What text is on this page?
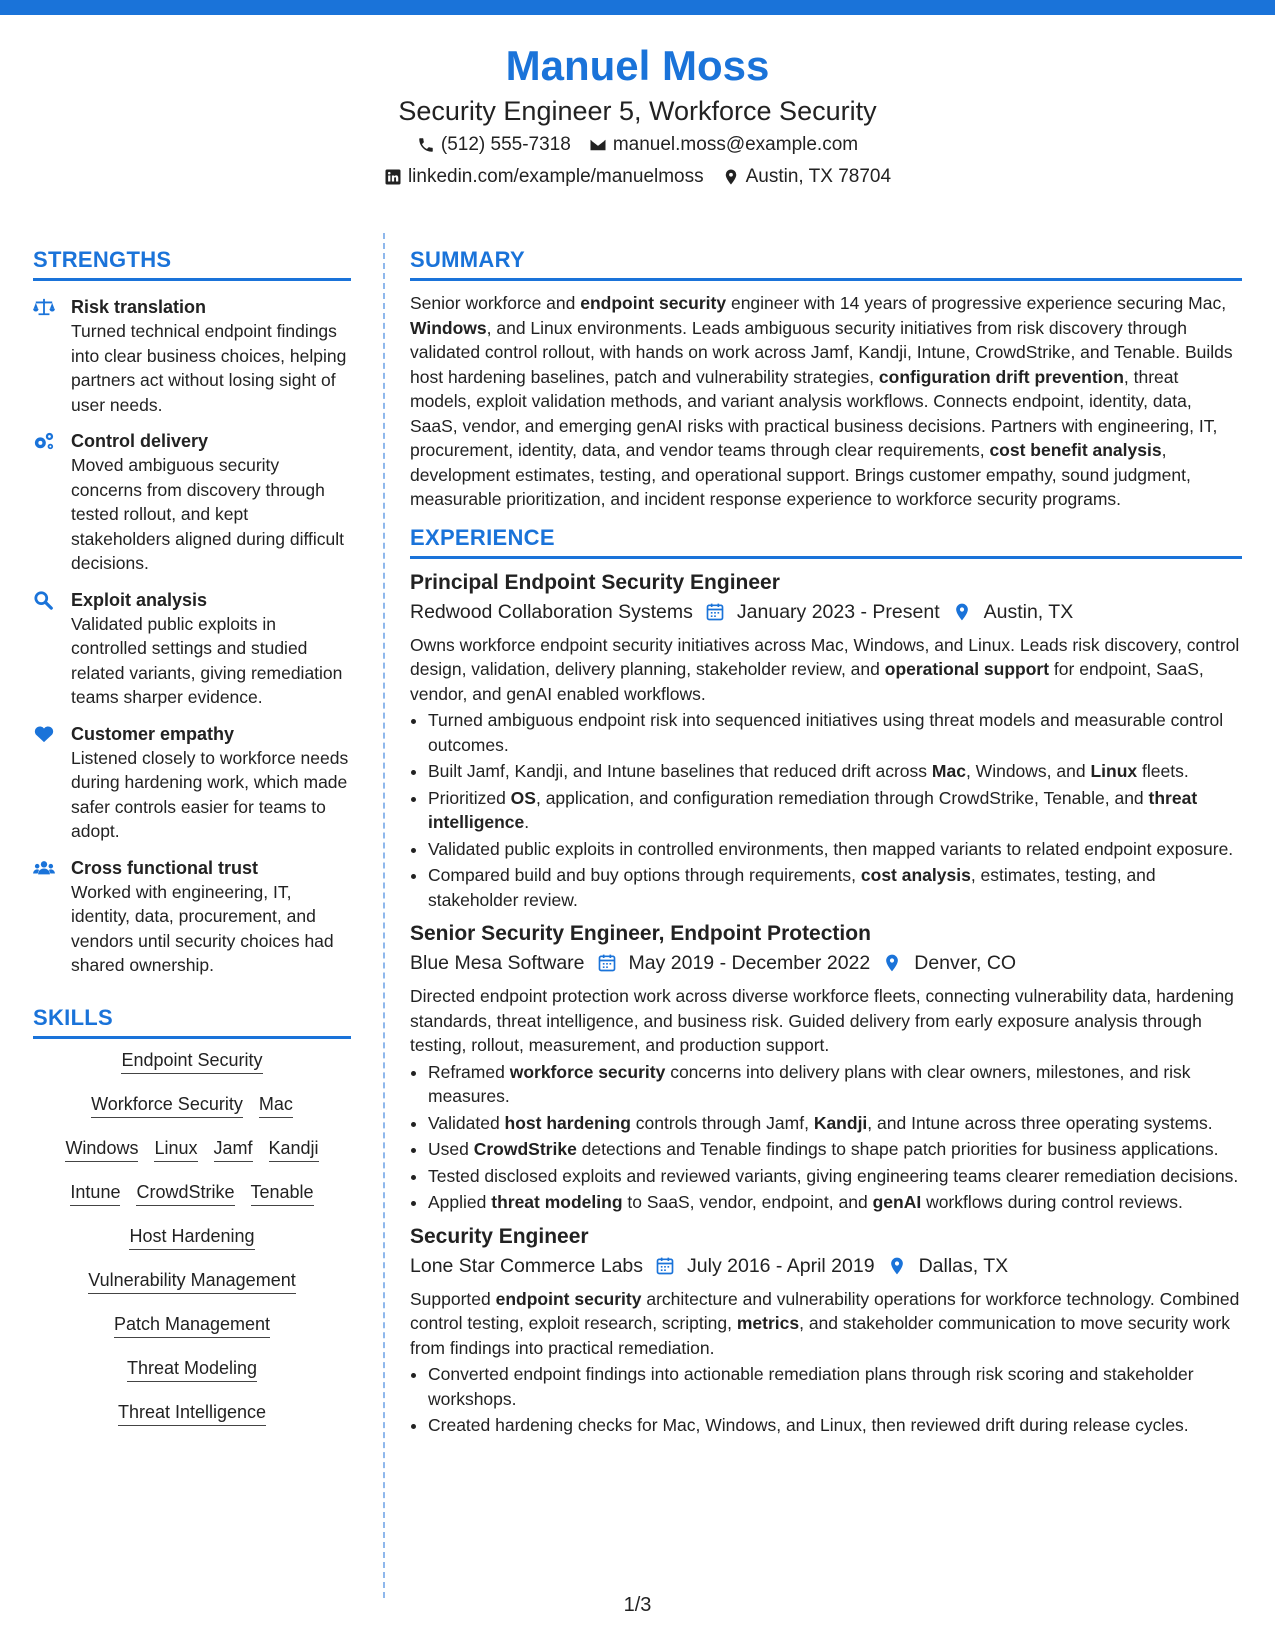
Manuel Moss
Security Engineer 5, Workforce Security
(512) 555-7318 manuel.moss@example.com
linkedin.com/example/manuelmoss Austin, TX 78704
STRENGTHS
Risk translation
Turned technical endpoint findings into clear business choices, helping partners act without losing sight of user needs.
Control delivery
Moved ambiguous security concerns from discovery through tested rollout, and kept stakeholders aligned during difficult decisions.
Exploit analysis
Validated public exploits in controlled settings and studied related variants, giving remediation teams sharper evidence.
Customer empathy
Listened closely to workforce needs during hardening work, which made safer controls easier for teams to adopt.
Cross functional trust
Worked with engineering, IT, identity, data, procurement, and vendors until security choices had shared ownership.
SKILLS
Endpoint Security
Workforce Security Mac
Windows Linux Jamf Kandji
Intune CrowdStrike Tenable
Host Hardening
Vulnerability Management
Patch Management
Threat Modeling
Threat Intelligence
SUMMARY
Senior workforce and endpoint security engineer with 14 years of progressive experience securing Mac, Windows, and Linux environments. Leads ambiguous security initiatives from risk discovery through validated control rollout, with hands on work across Jamf, Kandji, Intune, CrowdStrike, and Tenable. Builds host hardening baselines, patch and vulnerability strategies, configuration drift prevention, threat models, exploit validation methods, and variant analysis workflows. Connects endpoint, identity, data, SaaS, vendor, and emerging genAI risks with practical business decisions. Partners with engineering, IT, procurement, identity, data, and vendor teams through clear requirements, cost benefit analysis, development estimates, testing, and operational support. Brings customer empathy, sound judgment, measurable prioritization, and incident response experience to workforce security programs.
EXPERIENCE
Principal Endpoint Security Engineer
Redwood Collaboration Systems January 2023 - Present Austin, TX
Owns workforce endpoint security initiatives across Mac, Windows, and Linux. Leads risk discovery, control design, validation, delivery planning, stakeholder review, and operational support for endpoint, SaaS, vendor, and genAI enabled workflows.
• Turned ambiguous endpoint risk into sequenced initiatives using threat models and measurable control outcomes.
• Built Jamf, Kandji, and Intune baselines that reduced drift across Mac, Windows, and Linux fleets.
• Prioritized OS, application, and configuration remediation through CrowdStrike, Tenable, and threat intelligence.
• Validated public exploits in controlled environments, then mapped variants to related endpoint exposure.
• Compared build and buy options through requirements, cost analysis, estimates, testing, and stakeholder review.
Senior Security Engineer, Endpoint Protection
Blue Mesa Software May 2019 - December 2022 Denver, CO
Directed endpoint protection work across diverse workforce fleets, connecting vulnerability data, hardening standards, threat intelligence, and business risk. Guided delivery from early exposure analysis through testing, rollout, measurement, and production support.
• Reframed workforce security concerns into delivery plans with clear owners, milestones, and risk measures.
• Validated host hardening controls through Jamf, Kandji, and Intune across three operating systems.
• Used CrowdStrike detections and Tenable findings to shape patch priorities for business applications.
• Tested disclosed exploits and reviewed variants, giving engineering teams clearer remediation decisions.
• Applied threat modeling to SaaS, vendor, endpoint, and genAI workflows during control reviews.
Security Engineer
Lone Star Commerce Labs July 2016 - April 2019 Dallas, TX
Supported endpoint security architecture and vulnerability operations for workforce technology. Combined control testing, exploit research, scripting, metrics, and stakeholder communication to move security work from findings into practical remediation.
• Converted endpoint findings into actionable remediation plans through risk scoring and stakeholder workshops.
• Created hardening checks for Mac, Windows, and Linux, then reviewed drift during release cycles.
1/3
